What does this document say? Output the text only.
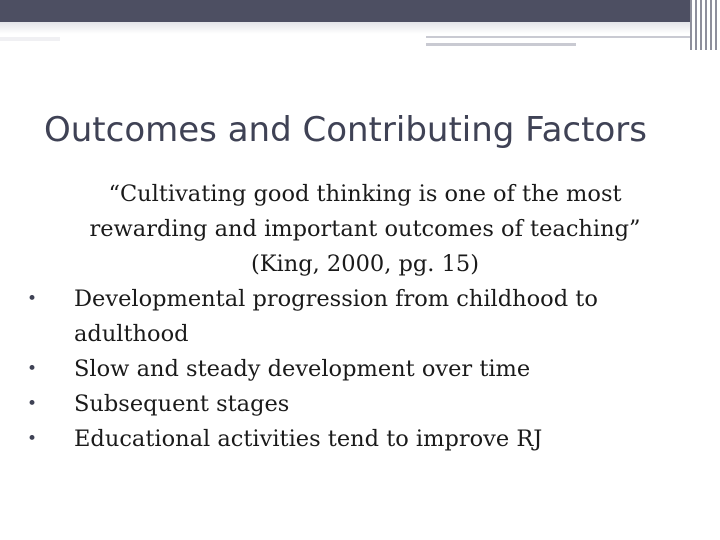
Outcomes and Contributing Factors
“Cultivating good thinking is one of the most
rewarding and important outcomes of teaching”
(King, 2000, pg. 15)
• Developmental progression from childhood to
adulthood
• Slow and steady development over time
• Subsequent stages
• Educational activities tend to improve RJ
